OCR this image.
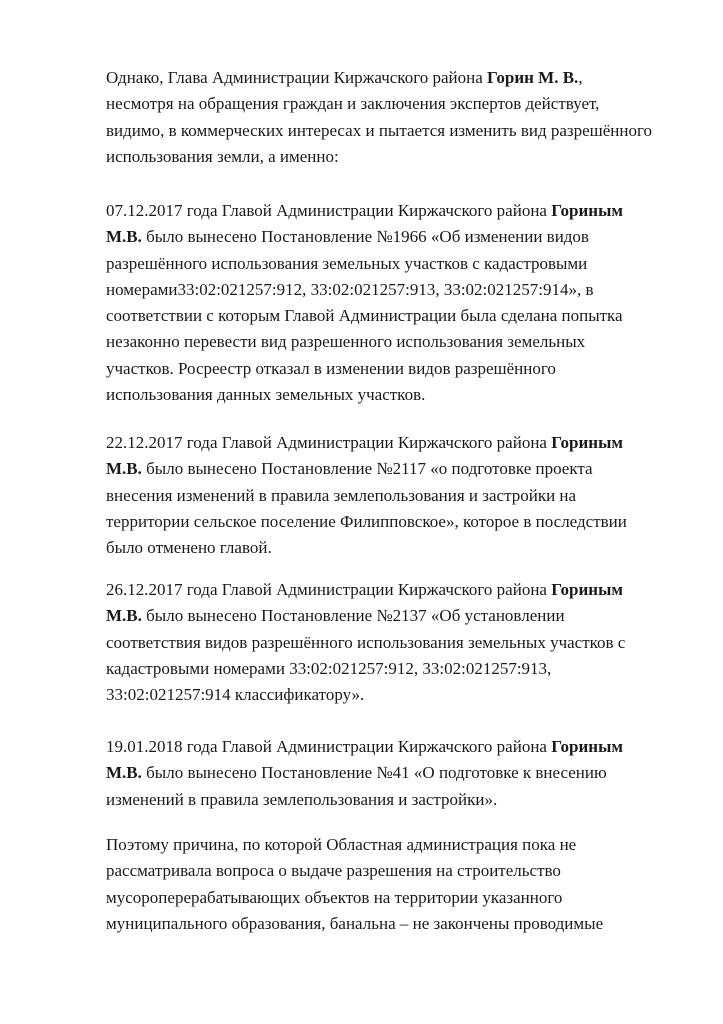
Однако, Глава Администрации Киржачского района Горин М. В.,
несмотря на обращения граждан и заключения экспертов действует,
видимо, в коммерческих интересах и пытается изменить вид разрешённого
использования земли, а именно:

07.12.2017 года Главой Администрации Киржачского района Гориным
М.В. было вынесено Постановление №1966 «Об изменении видов
разрешённого использования земельных участков с кадастровыми
номерами33:02:021257:912, 33:02:021257:913, 33:02:021257:914», в
соответствии с которым Главой Администрации была сделана попытка
незаконно перевести вид разрешенного использования земельных
участков. Росреестр отказал в изменении видов разрешённого
использования данных земельных участков.

22.12.2017 года Главой Администрации Киржачского района Гориным
М.В. было вынесено Постановление №2117 «о подготовке проекта
внесения изменений в правила землепользования и застройки на
территории сельское поселение Филипповское», которое в последствии
было отменено главой.

26.12.2017 года Главой Администрации Киржачского района Гориным
М.В. было вынесено Постановление №2137 «Об установлении
соответствия видов разрешённого использования земельных участков с
кадастровыми номерами 33:02:021257:912, 33:02:021257:913,
33:02:021257:914 классификатору».

19.01.2018 года Главой Администрации Киржачского района Гориным
М.В. было вынесено Постановление №41 «О подготовке к внесению
изменений в правила землепользования и застройки».

Поэтому причина, по которой Областная администрация пока не
рассматривала вопроса о выдаче разрешения на строительство
мусороперерабатывающих объектов на территории указанного
муниципального образования, банальна – не закончены проводимые
